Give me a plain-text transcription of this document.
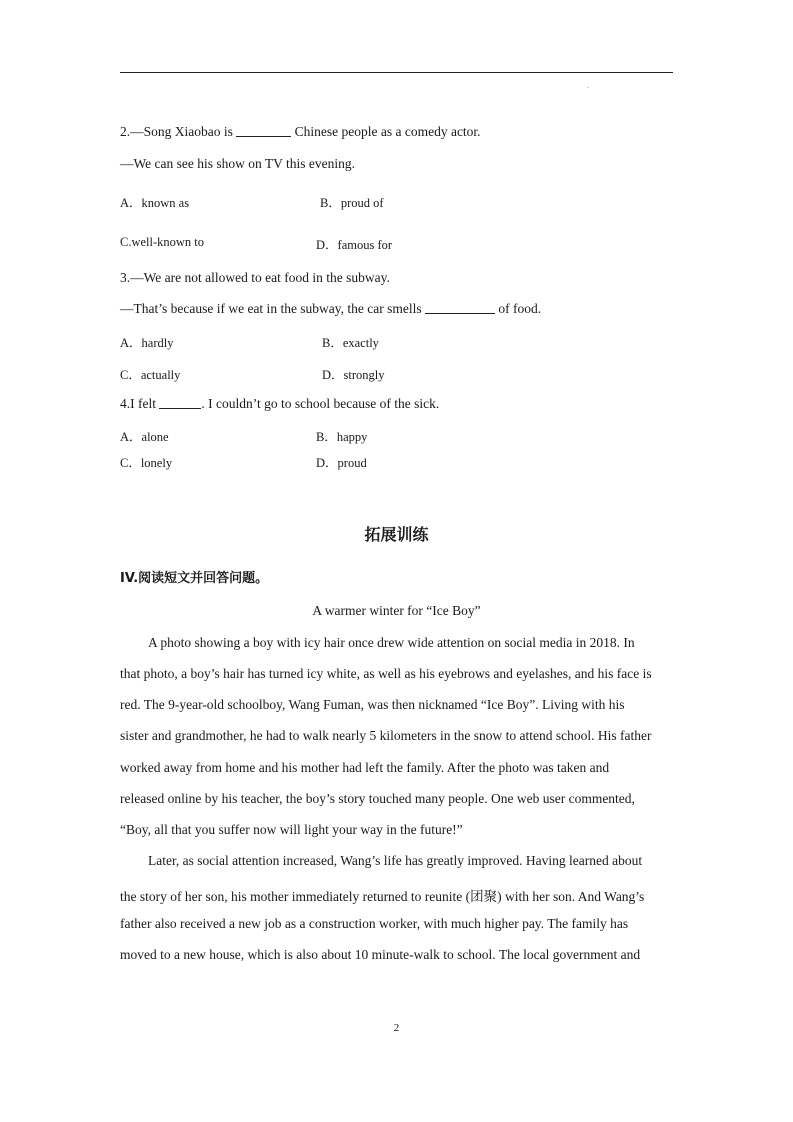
·
2.—Song Xiaobao is	Chinese people as a comedy actor.
—We can see his show on TV this evening.
A．known as	B．proud of
C.well-known to	D．famous for
3.—We are not allowed to eat food in the subway.
—That’s because if we eat in the subway, the car smells	of food.
A．hardly	B．exactly
C．actually	D．strongly
4.I felt	. I couldn’t go to school because of the sick.
A．alone	B．happy
C．lonely	D．proud
拓展训练
IV.阅读短文并回答问题。
A warmer winter for “Ice Boy”
A photo showing a boy with icy hair once drew wide attention on social media in 2018. In
that photo, a boy’s hair has turned icy white, as well as his eyebrows and eyelashes, and his face is
red. The 9-year-old schoolboy, Wang Fuman, was then nicknamed “Ice Boy”. Living with his
sister and grandmother, he had to walk nearly 5 kilometers in the snow to attend school. His father
worked away from home and his mother had left the family. After the photo was taken and
released online by his teacher, the boy’s story touched many people. One web user commented,
“Boy, all that you suffer now will light your way in the future!”
Later, as social attention increased, Wang’s life has greatly improved. Having learned about
the story of her son, his mother immediately returned to reunite (团聚) with her son. And Wang’s
father also received a new job as a construction worker, with much higher pay. The family has
moved to a new house, which is also about 10 minute-walk to school. The local government and
2
